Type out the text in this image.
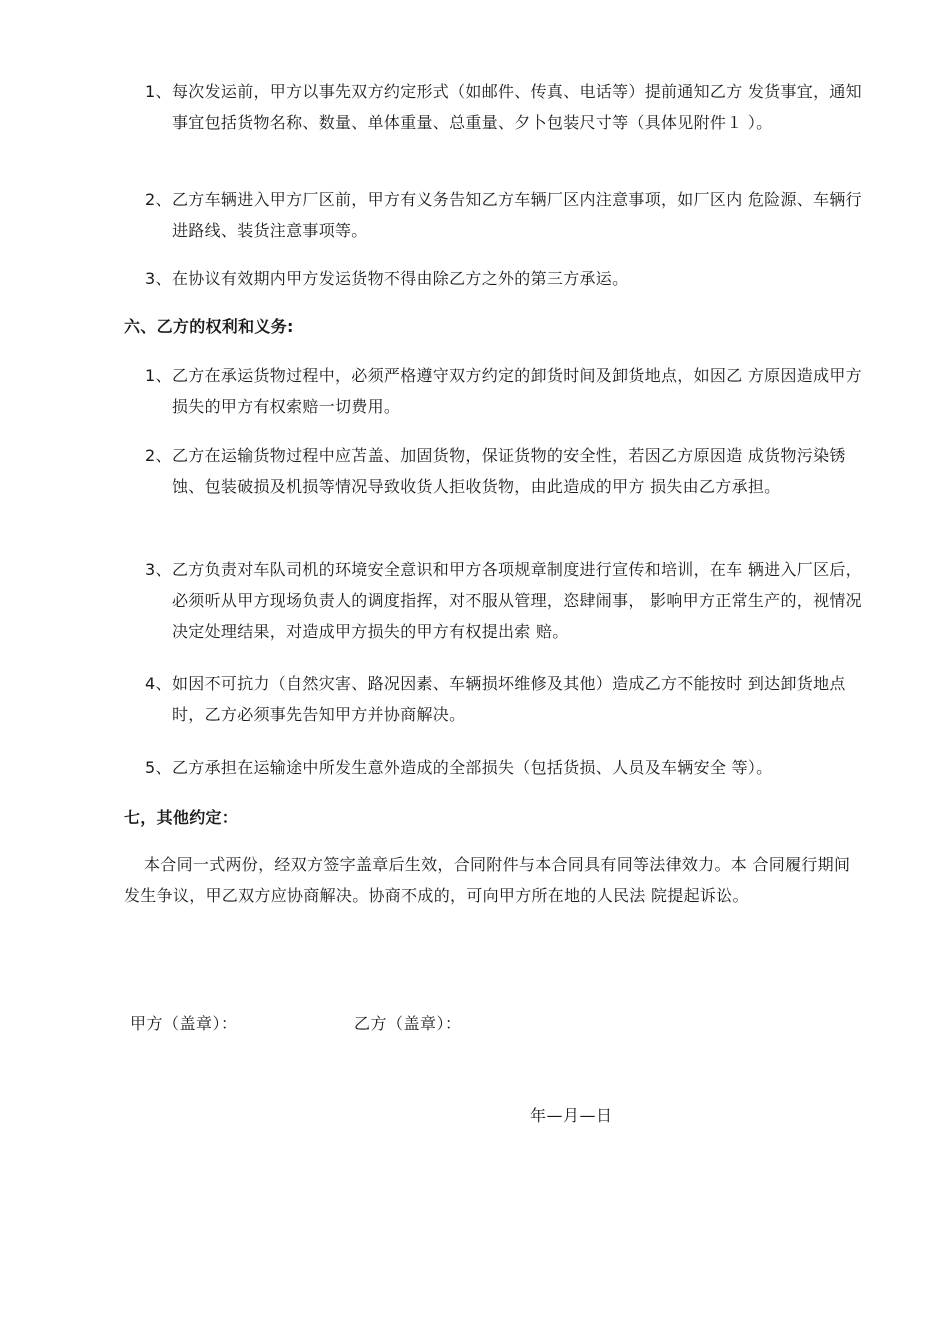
1、 每次发运前，甲方以事先双方约定形式（如邮件、传真、电话等）提前通知乙方 发货事宜，通知事宜包括货物名称、数量、单体重量、总重量、夕卜包装尺寸等（具体见附件１ ）。
2、 乙方车辆进入甲方厂区前，甲方有义务告知乙方车辆厂区内注意事项，如厂区内 危险源、车辆行进路线、装货注意事项等。
3、 在协议有效期内甲方发运货物不得由除乙方之外的第三方承运。
六、乙方的权利和义务:
1、 乙方在承运货物过程中，必须严格遵守双方约定的卸货时间及卸货地点，如因乙 方原因造成甲方损失的甲方有权索赔一切费用。
2、 乙方在运输货物过程中应苫盖、加固货物，保证货物的安全性，若因乙方原因造 成货物污染锈蚀、包装破损及机损等情况导致收货人拒收货物，由此造成的甲方 损失由乙方承担。
3、 乙方负责对车队司机的环境安全意识和甲方各项规章制度进行宣传和培训，在车 辆进入厂区后，必须听从甲方现场负责人的调度指挥，对不服从管理，恣肆闹事， 影响甲方正常生产的，视情况决定处理结果，对造成甲方损失的甲方有权提出索 赔。
4、 如因不可抗力（自然灾害、路况因素、车辆损坏维修及其他）造成乙方不能按时 到达卸货地点时，乙方必须事先告知甲方并协商解决。
5、 乙方承担在运输途中所发生意外造成的全部损失（包括货损、人员及车辆安全 等）。
七，其他约定：
本合同一式两份，经双方签字盖章后生效，合同附件与本合同具有同等法律效力。本 合同履行期间发生争议，甲乙双方应协商解决。协商不成的，可向甲方所在地的人民法 院提起诉讼。
甲方（盖章）：	乙方（盖章）：
年—月—日
